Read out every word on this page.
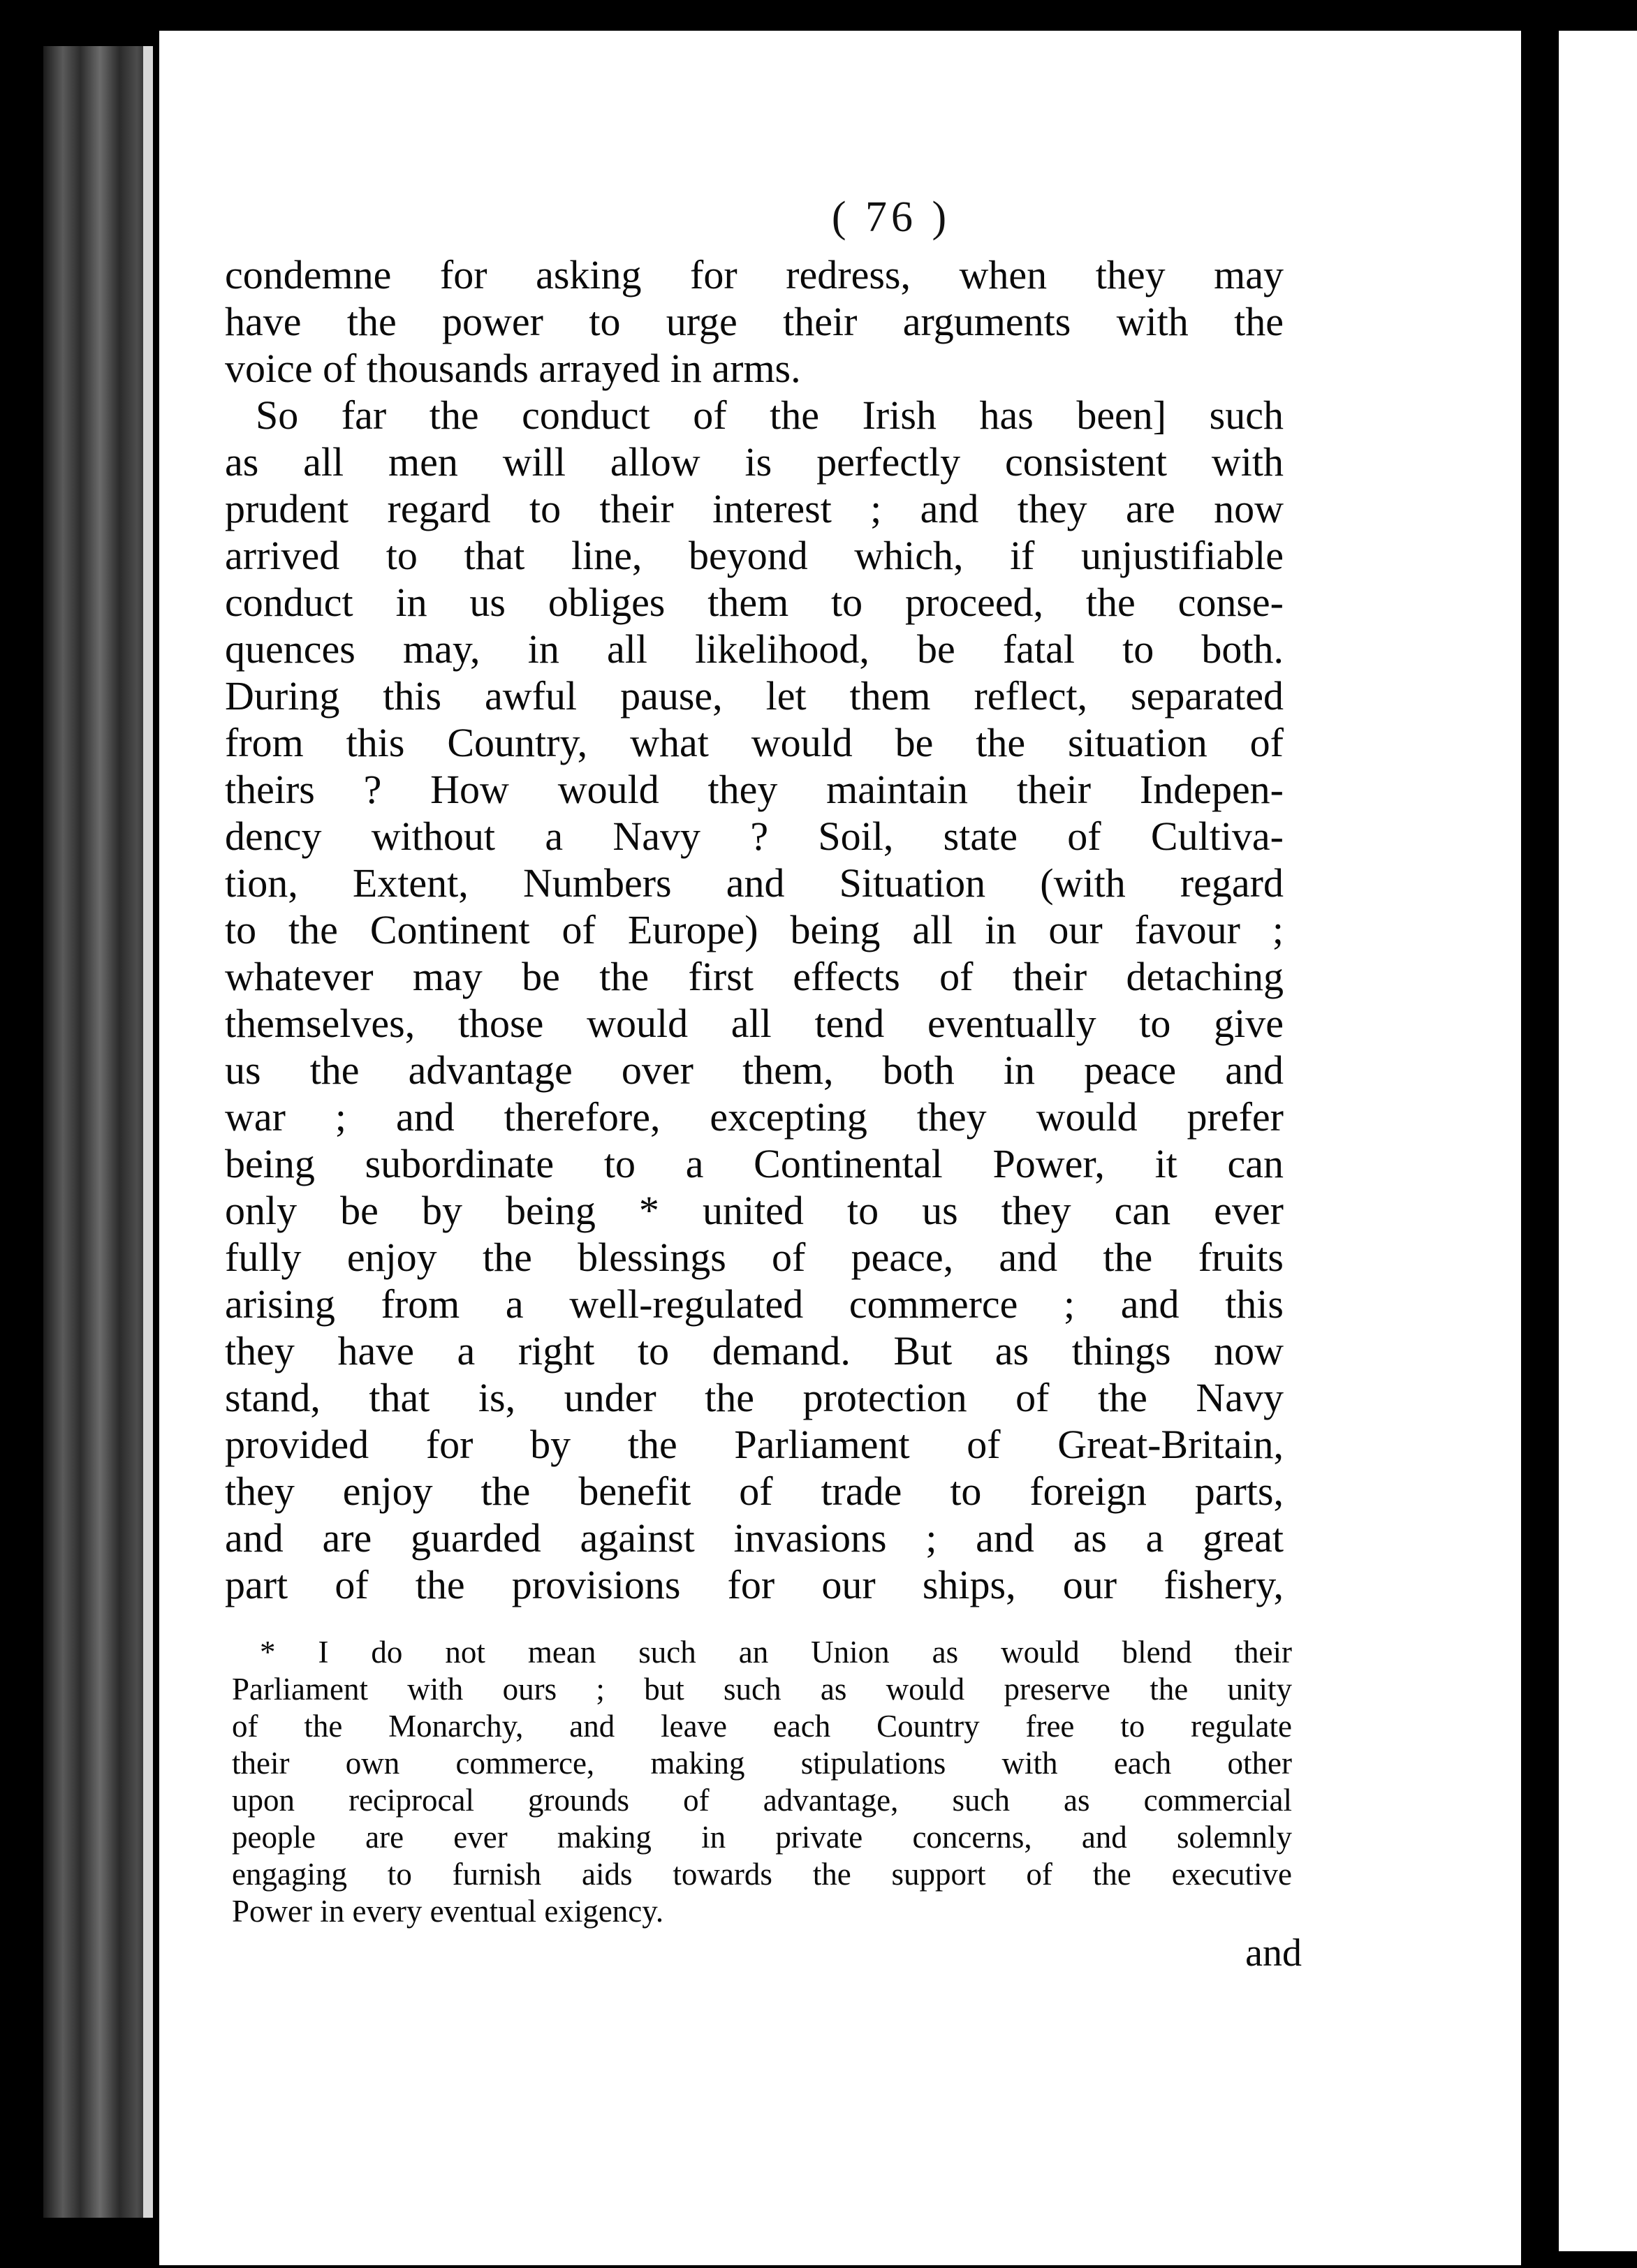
( 76 )
condemne for asking for redress, when they may
have the power to urge their arguments with the
voice of thousands arrayed in arms.
So far the conduct of the Irish has been] such
as all men will allow is perfectly consistent with
prudent regard to their interest ; and they are now
arrived to that line, beyond which, if unjustifiable
conduct in us obliges them to proceed, the conse-
quences may, in all likelihood, be fatal to both.
During this awful pause, let them reflect, separated
from this Country, what would be the situation of
theirs ? How would they maintain their Indepen-
dency without a Navy ? Soil, state of Cultiva-
tion, Extent, Numbers and Situation (with regard
to the Continent of Europe) being all in our favour ;
whatever may be the first effects of their detaching
themselves, those would all tend eventually to give
us the advantage over them, both in peace and
war ; and therefore, excepting they would prefer
being subordinate to a Continental Power, it can
only be by being * united to us they can ever
fully enjoy the blessings of peace, and the fruits
arising from a well-regulated commerce ; and this
they have a right to demand. But as things now
stand, that is, under the protection of the Navy
provided for by the Parliament of Great-Britain,
they enjoy the benefit of trade to foreign parts,
and are guarded against invasions ; and as a great
part of the provisions for our ships, our fishery,
* I do not mean such an Union as would blend their
Parliament with ours ; but such as would preserve the unity
of the Monarchy, and leave each Country free to regulate
their own commerce, making stipulations with each other
upon reciprocal grounds of advantage, such as commercial
people are ever making in private concerns, and solemnly
engaging to furnish aids towards the support of the executive
Power in every eventual exigency.
and
